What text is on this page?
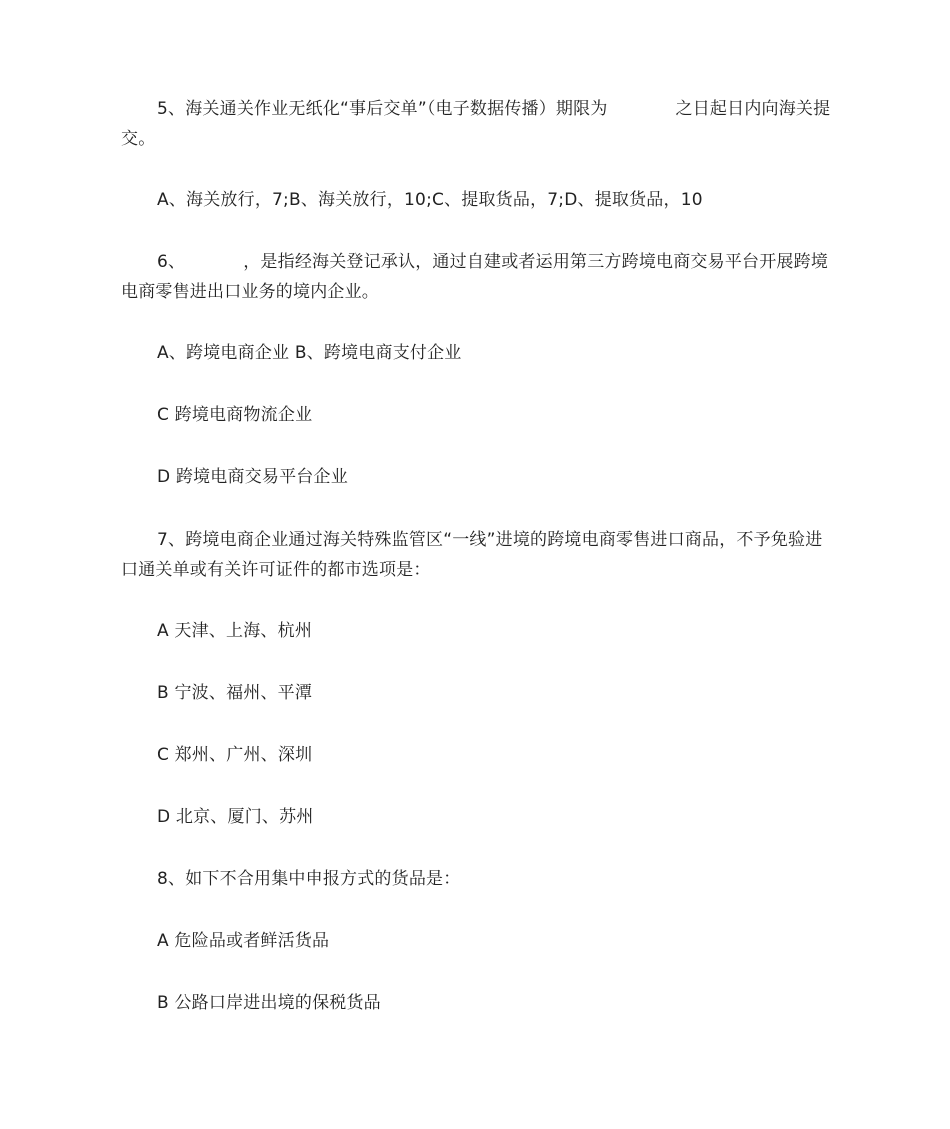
5、海关通关作业无纸化“事后交单”（电子数据传播）期限为	之日起日内向海关提交。
A、海关放行，7;B、海关放行，10;C、提取货品，7;D、提取货品，10
6、	，是指经海关登记承认，通过自建或者运用第三方跨境电商交易平台开展跨境电商零售进出口业务的境内企业。
A、跨境电商企业 B、跨境电商支付企业
C 跨境电商物流企业
D 跨境电商交易平台企业
7、跨境电商企业通过海关特殊监管区“一线”进境的跨境电商零售进口商品，不予免验进口通关单或有关许可证件的都市选项是：
A 天津、上海、杭州
B 宁波、福州、平潭
C 郑州、广州、深圳
D 北京、厦门、苏州
8、如下不合用集中申报方式的货品是：
A 危险品或者鲜活货品
B 公路口岸进出境的保税货品
